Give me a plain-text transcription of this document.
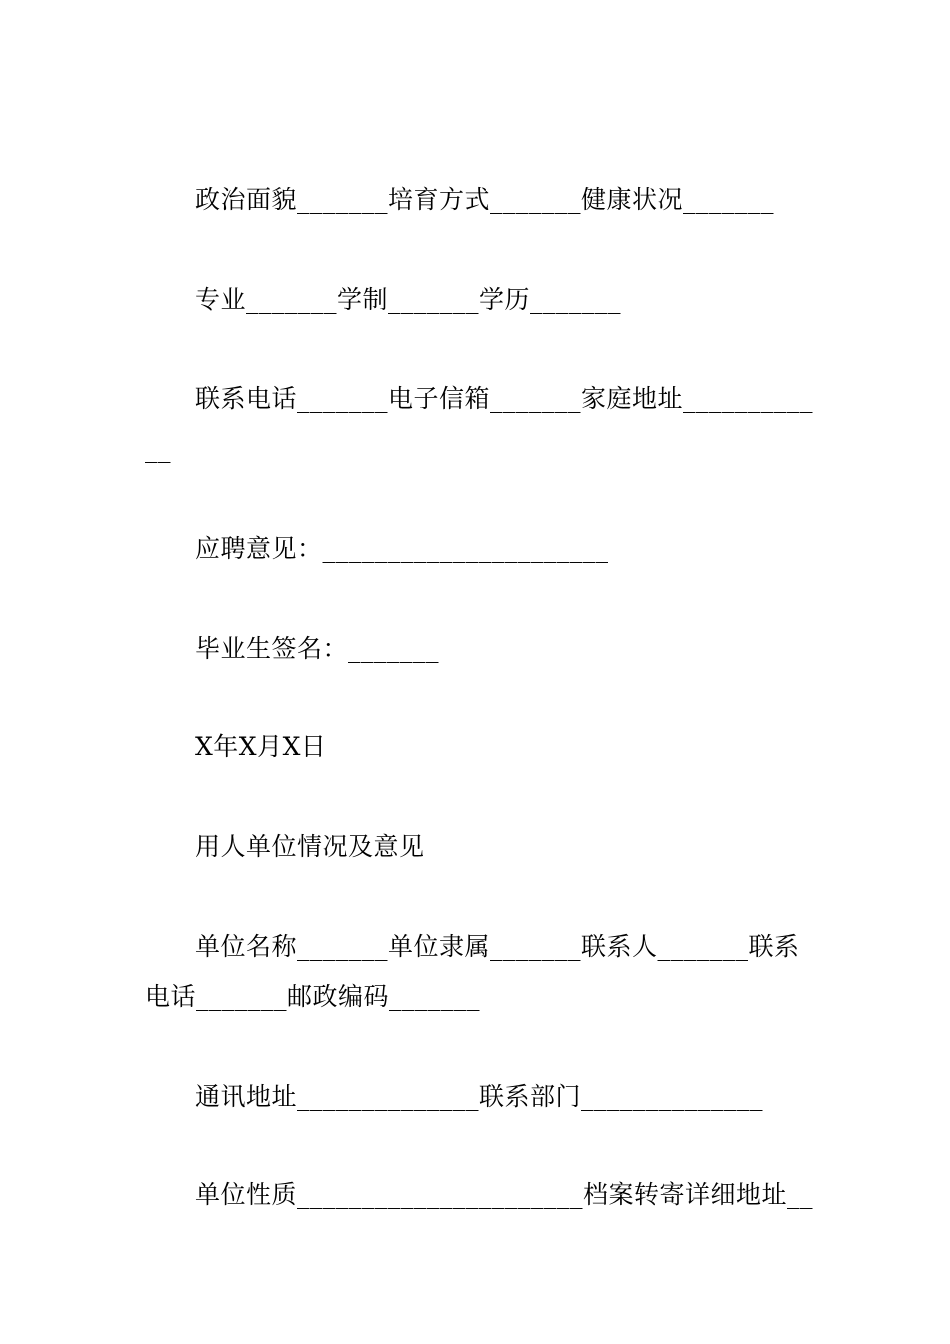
政治面貌_______培育方式_______健康状况_______
专业_______学制_______学历_______
联系电话_______电子信箱_______家庭地址____________
应聘意见：______________________
毕业生签名：_______
X年X月X日
用人单位情况及意见
单位名称_______单位隶属_______联系人_______联系电话_______邮政编码_______
通讯地址______________联系部门______________
单位性质______________________档案转寄详细地址__
